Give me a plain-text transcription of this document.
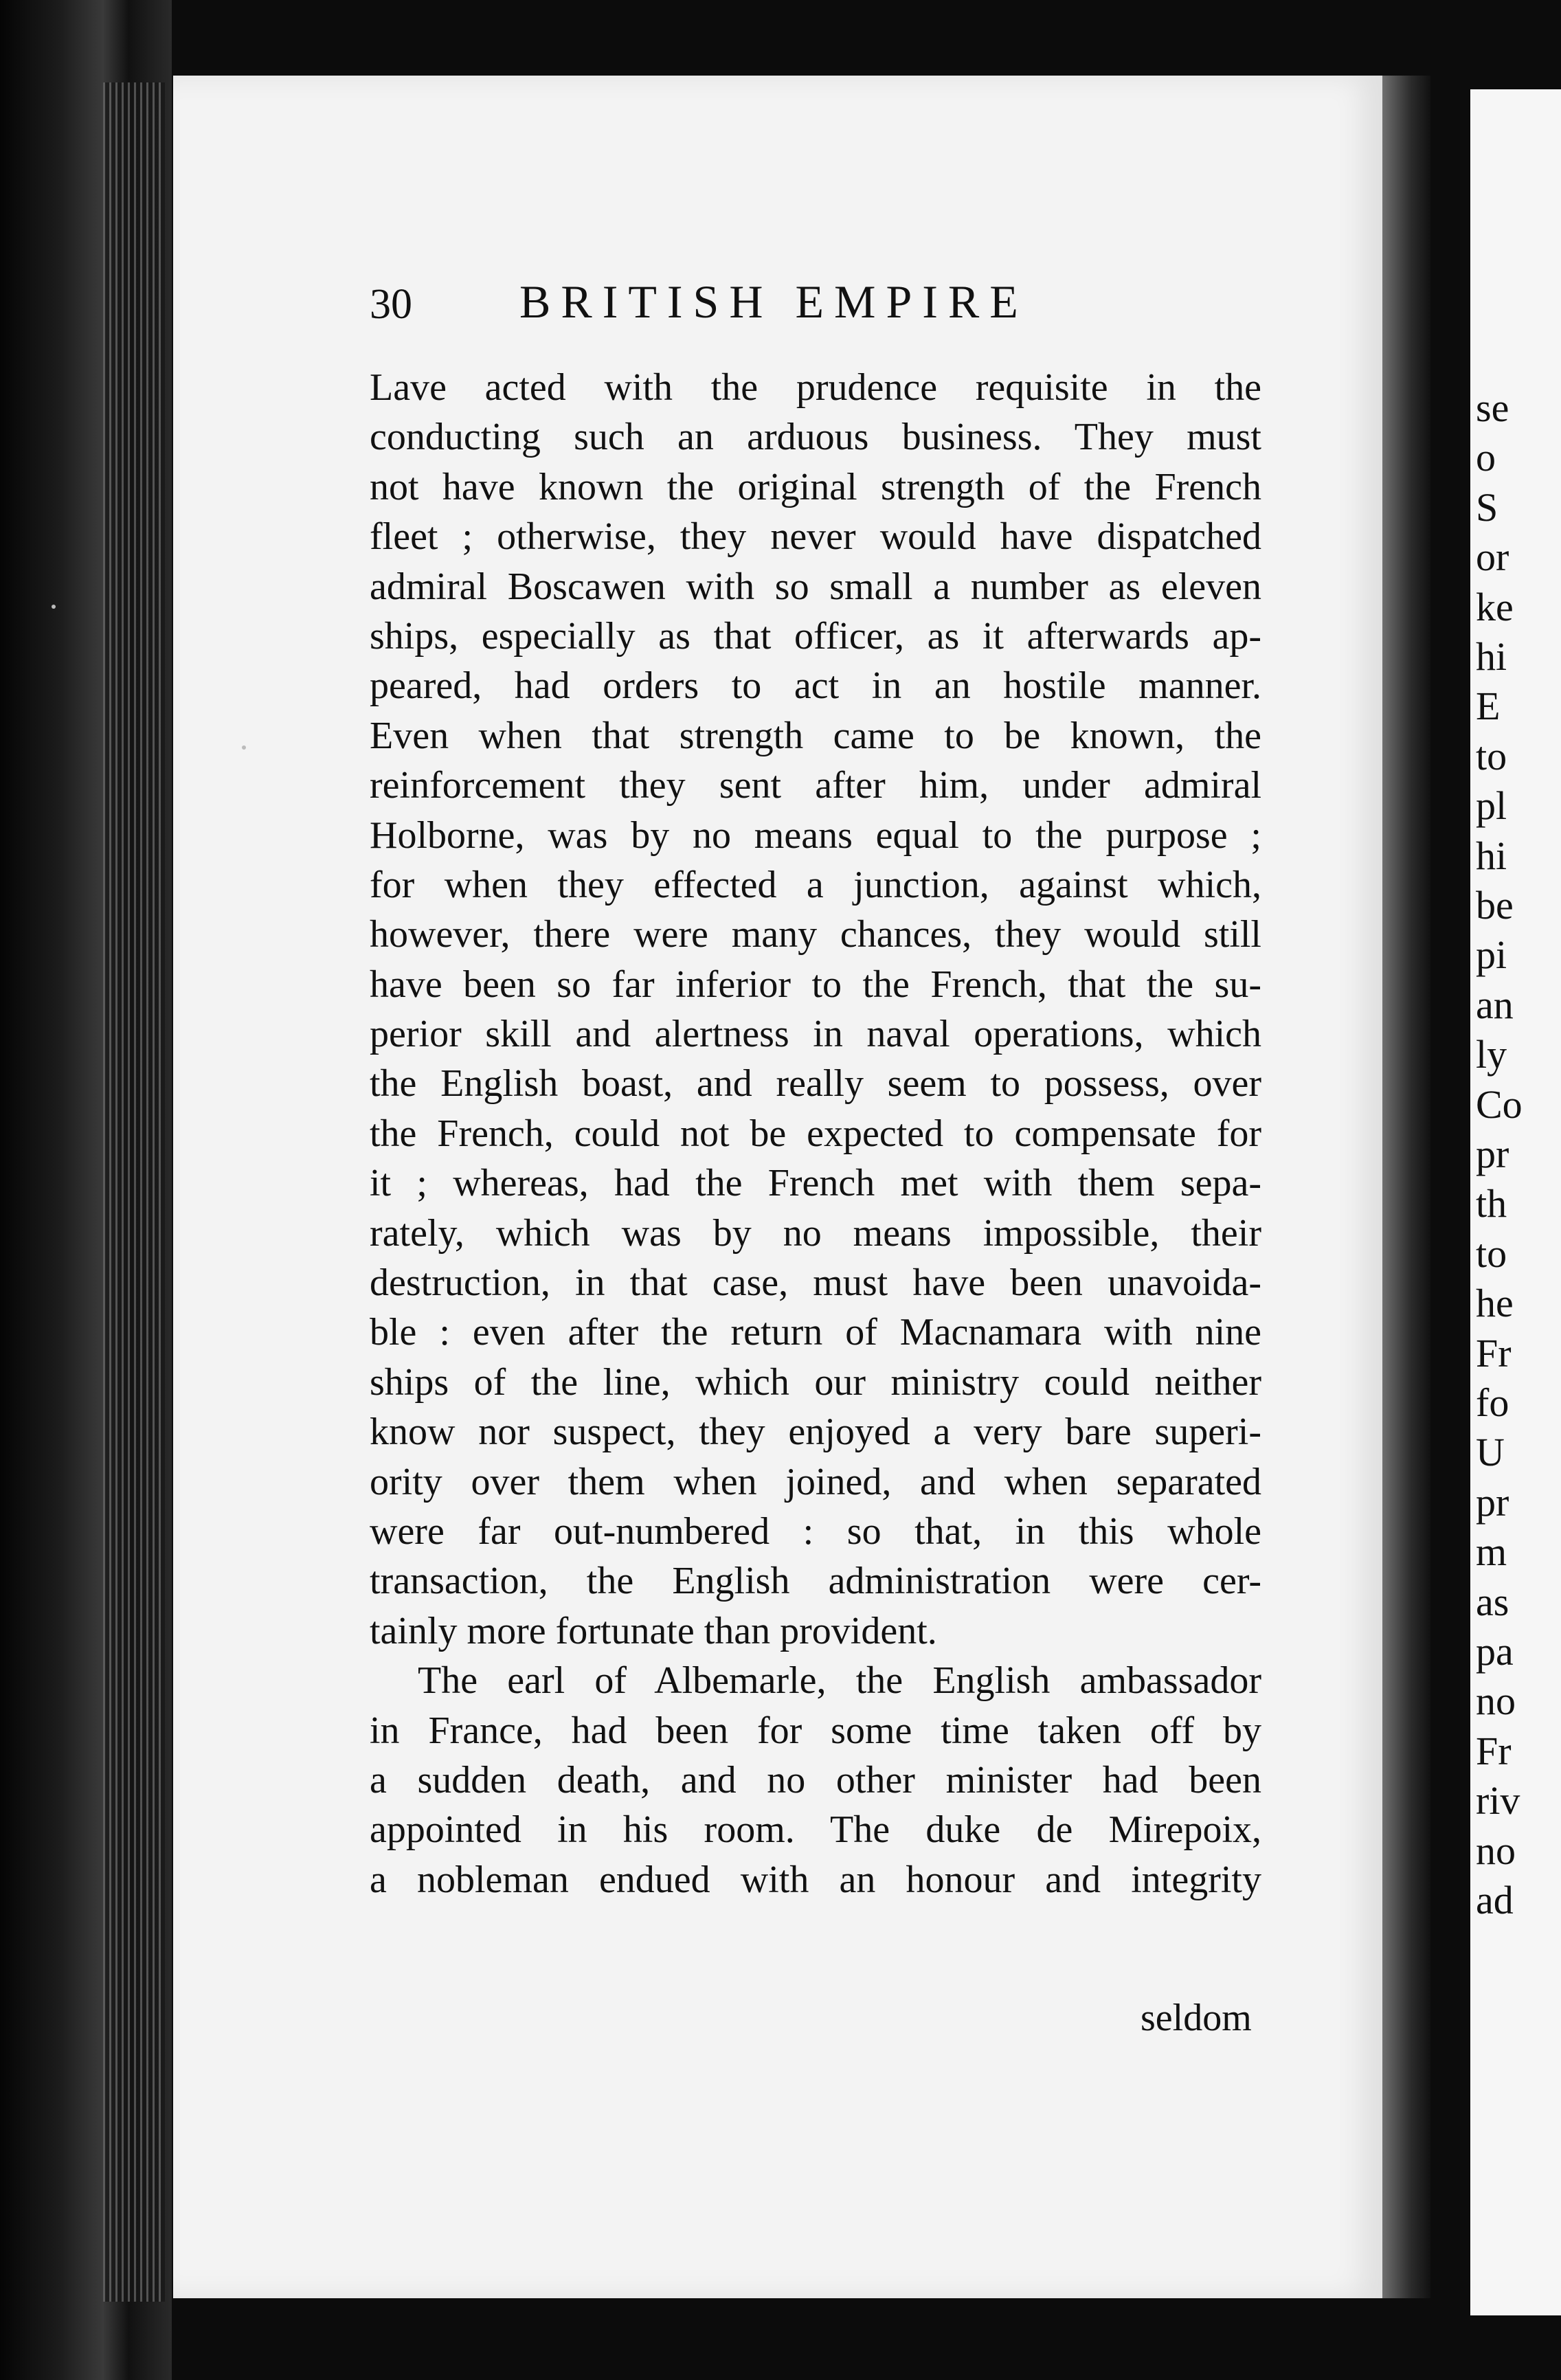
se
o
S
or
ke
hi
E
to
pl
hi
be
pi
an
ly
Co
pr
th
to
he
Fr
fo
U
pr
m
as
pa
no
Fr
riv
no
ad
30 BRITISH EMPIRE
Lave acted with the prudence requisite in the
conducting such an arduous business. They must
not have known the original strength of the French
fleet ; otherwise, they never would have dispatched
admiral Boscawen with so small a number as eleven
ships, especially as that officer, as it afterwards ap-
peared, had orders to act in an hostile manner.
Even when that strength came to be known, the
reinforcement they sent after him, under admiral
Holborne, was by no means equal to the purpose ;
for when they effected a junction, against which,
however, there were many chances, they would still
have been so far inferior to the French, that the su-
perior skill and alertness in naval operations, which
the English boast, and really seem to possess, over
the French, could not be expected to compensate for
it ; whereas, had the French met with them sepa-
rately, which was by no means impossible, their
destruction, in that case, must have been unavoida-
ble : even after the return of Macnamara with nine
ships of the line, which our ministry could neither
know nor suspect, they enjoyed a very bare superi-
ority over them when joined, and when separated
were far out-numbered : so that, in this whole
transaction, the English administration were cer-
tainly more fortunate than provident.
The earl of Albemarle, the English ambassador
in France, had been for some time taken off by
a sudden death, and no other minister had been
appointed in his room. The duke de Mirepoix,
a nobleman endued with an honour and integrity
seldom
